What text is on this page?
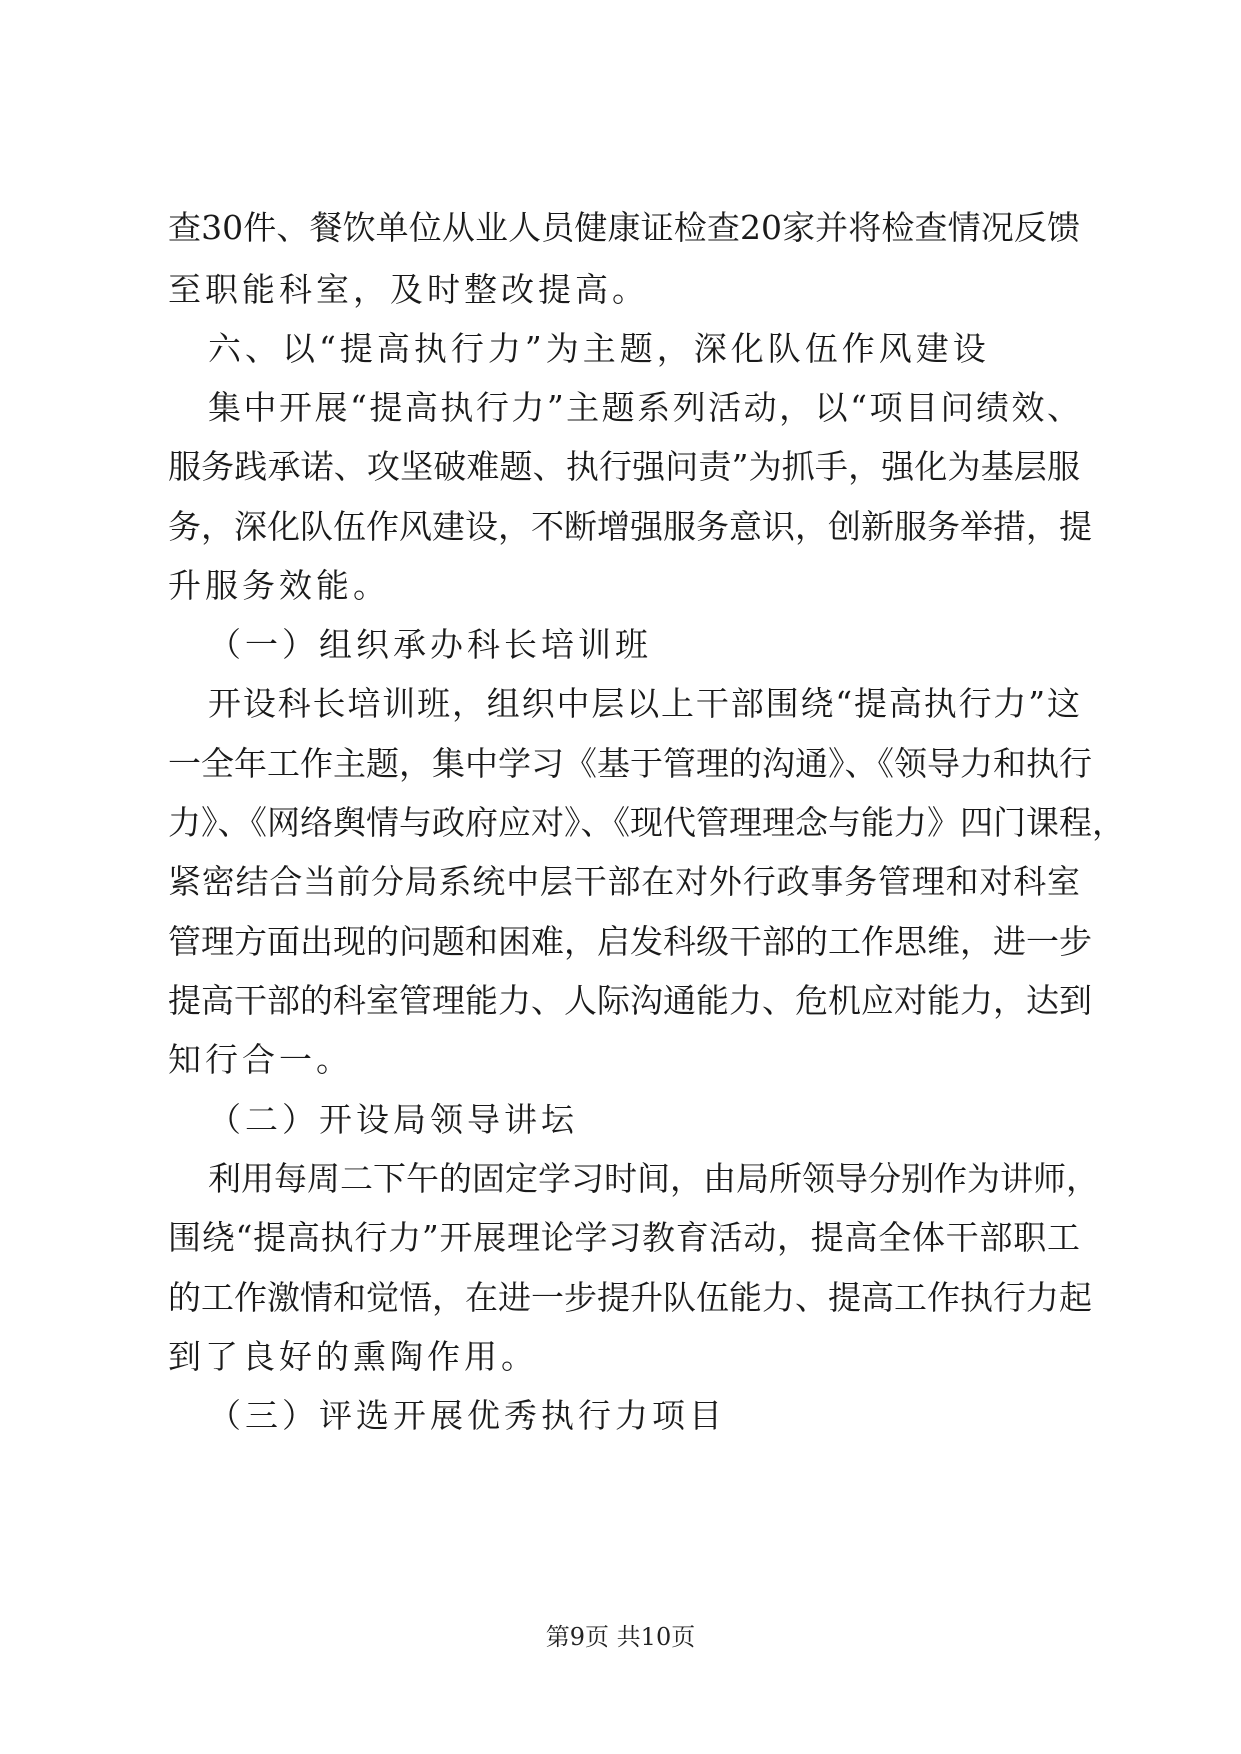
查30件、餐饮单位从业人员健康证检查20家并将检查情况反馈
至职能科室，及时整改提高。
六、以“提高执行力”为主题，深化队伍作风建设
集中开展“提高执行力”主题系列活动，以“项目问绩效、
服务践承诺、攻坚破难题、执行强问责”为抓手，强化为基层服
务，深化队伍作风建设，不断增强服务意识，创新服务举措，提
升服务效能。
（一）组织承办科长培训班
开设科长培训班，组织中层以上干部围绕“提高执行力”这
一全年工作主题，集中学习《基于管理的沟通》、《领导力和执行
力》、《网络舆情与政府应对》、《现代管理理念与能力》四门课程，
紧密结合当前分局系统中层干部在对外行政事务管理和对科室
管理方面出现的问题和困难，启发科级干部的工作思维，进一步
提高干部的科室管理能力、人际沟通能力、危机应对能力，达到
知行合一。
（二）开设局领导讲坛
利用每周二下午的固定学习时间，由局所领导分别作为讲师，
围绕“提高执行力”开展理论学习教育活动，提高全体干部职工
的工作激情和觉悟，在进一步提升队伍能力、提高工作执行力起
到了良好的熏陶作用。
（三）评选开展优秀执行力项目
第9页 共10页
